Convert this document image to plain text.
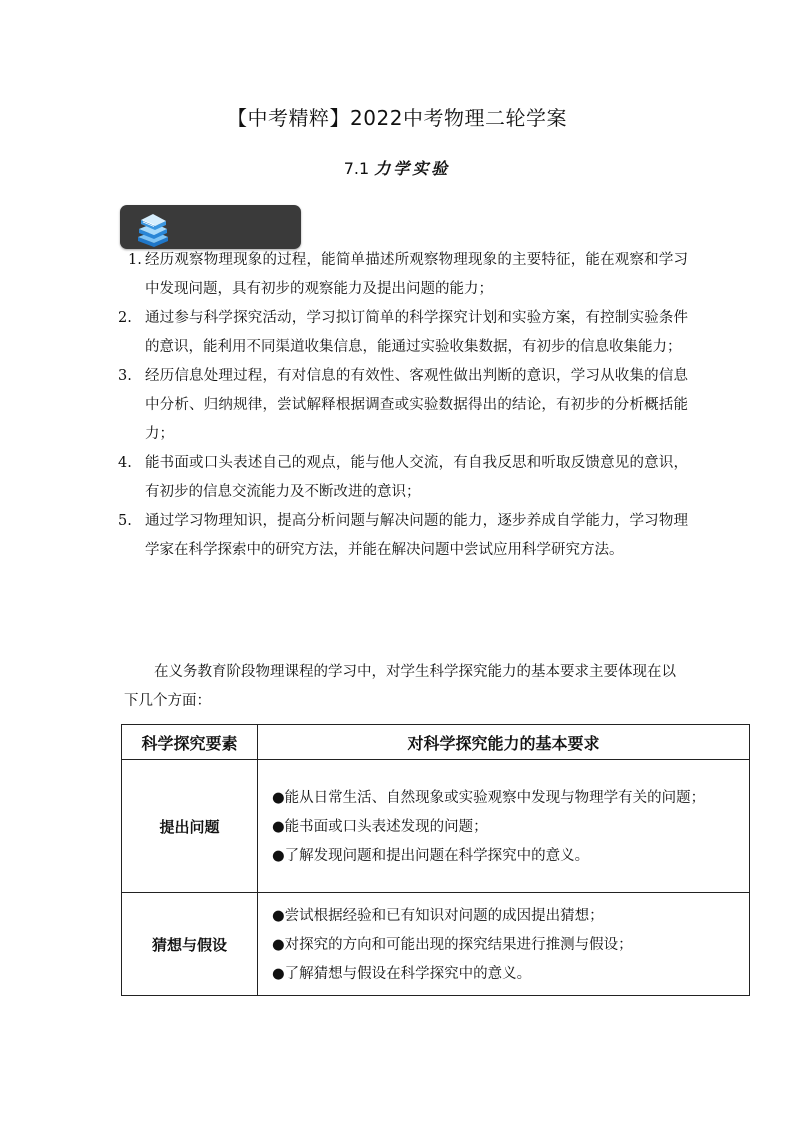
【中考精粹】2022中考物理二轮学案
7.1 力学实验
1. 经历观察物理现象的过程，能简单描述所观察物理现象的主要特征，能在观察和学习中发现问题，具有初步的观察能力及提出问题的能力；
2. 通过参与科学探究活动，学习拟订简单的科学探究计划和实验方案，有控制实验条件的意识，能利用不同渠道收集信息，能通过实验收集数据，有初步的信息收集能力；
3. 经历信息处理过程，有对信息的有效性、客观性做出判断的意识，学习从收集的信息中分析、归纳规律，尝试解释根据调查或实验数据得出的结论，有初步的分析概括能力；
4. 能书面或口头表述自己的观点，能与他人交流，有自我反思和听取反馈意见的意识，有初步的信息交流能力及不断改进的意识；
5. 通过学习物理知识，提高分析问题与解决问题的能力，逐步养成自学能力，学习物理学家在科学探索中的研究方法，并能在解决问题中尝试应用科学研究方法。
在义务教育阶段物理课程的学习中，对学生科学探究能力的基本要求主要体现在以下几个方面：
科学探究要素	对科学探究能力的基本要求
提出问题	●能从日常生活、自然现象或实验观察中发现与物理学有关的问题；
●能书面或口头表述发现的问题；
●了解发现问题和提出问题在科学探究中的意义。

猜想与假设	●尝试根据经验和已有知识对问题的成因提出猜想；
●对探究的方向和可能出现的探究结果进行推测与假设；
●了解猜想与假设在科学探究中的意义。
